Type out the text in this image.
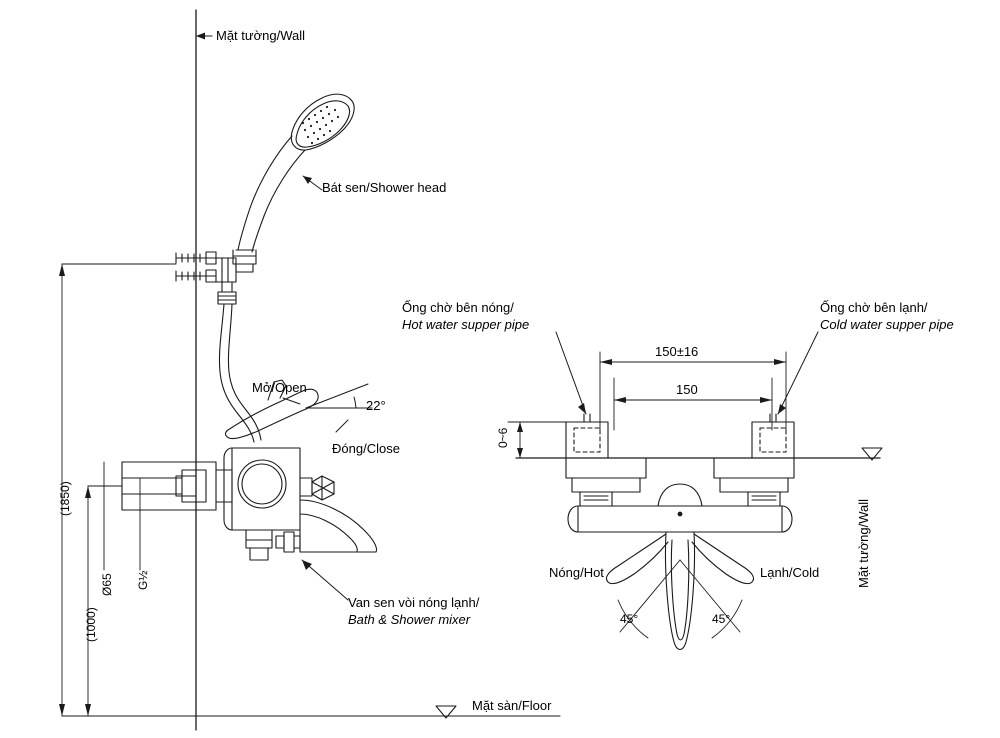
Mặt tường/Wall
Bát sen/Shower head
Mở/Open
22°
Đóng/Close
Van sen vòi nóng lạnh/
Bath & Shower mixer
Mặt sàn/Floor
(1850)
(1000)
Ø65 G½
Ống chờ bên nóng/
Hot water supper pipe
Ống chờ bên lạnh/
Cold water supper pipe
150±16
150
0~6
Mặt tường/Wall
Nóng/Hot	Lạnh/Cold
45°	45°
